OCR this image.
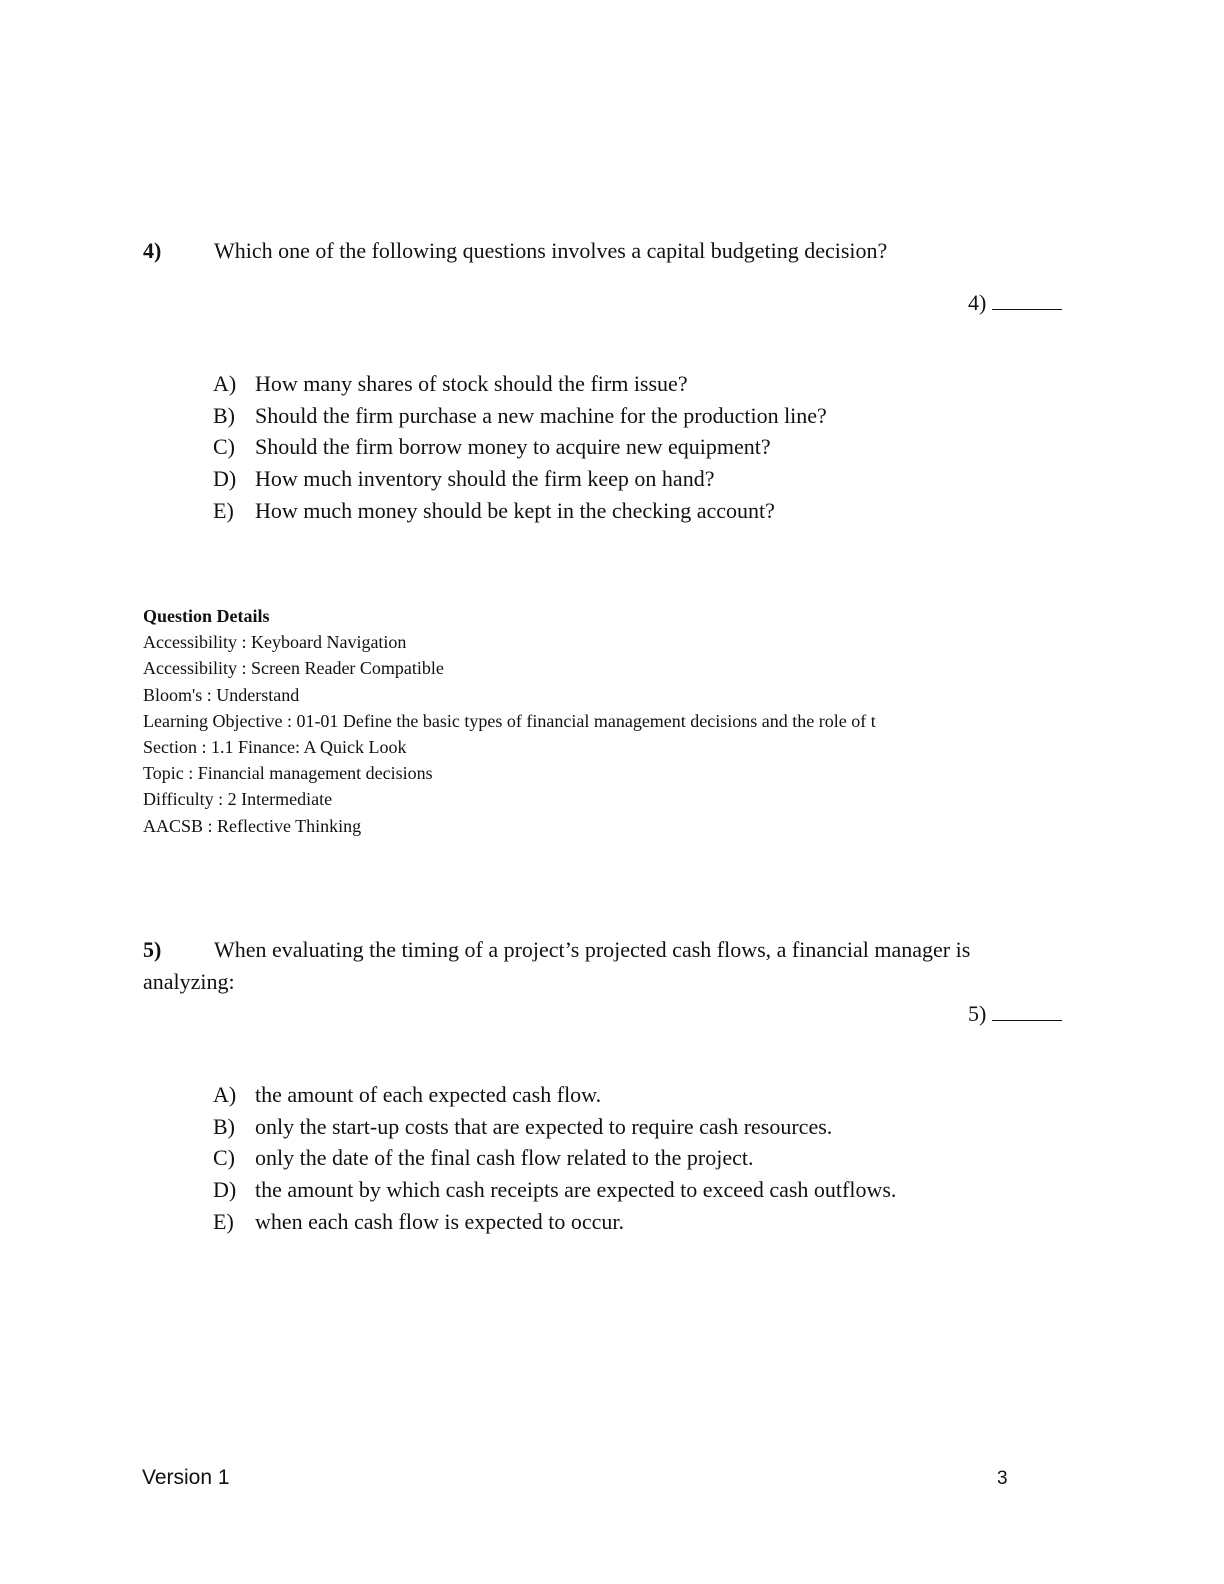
4) Which one of the following questions involves a capital budgeting decision?
4)
A) How many shares of stock should the firm issue?
B) Should the firm purchase a new machine for the production line?
C) Should the firm borrow money to acquire new equipment?
D) How much inventory should the firm keep on hand?
E) How much money should be kept in the checking account?
Question Details
Accessibility : Keyboard Navigation
Accessibility : Screen Reader Compatible
Bloom's : Understand
Learning Objective : 01-01 Define the basic types of financial management decisions and the role of t
Section : 1.1 Finance: A Quick Look
Topic : Financial management decisions
Difficulty : 2 Intermediate
AACSB : Reflective Thinking
5) When evaluating the timing of a project’s projected cash flows, a financial manager is analyzing:
5)
A) the amount of each expected cash flow.
B) only the start-up costs that are expected to require cash resources.
C) only the date of the final cash flow related to the project.
D) the amount by which cash receipts are expected to exceed cash outflows.
E) when each cash flow is expected to occur.
Version 1	3
